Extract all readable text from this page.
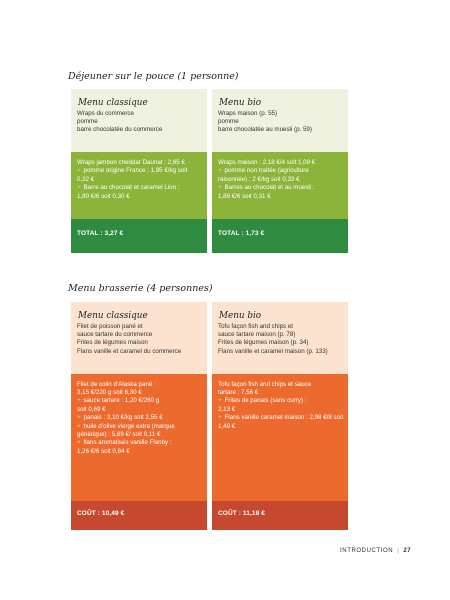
Déjeuner sur le pouce (1 personne)
Menu classique
Wraps du commerce
pomme
barre chocolatée du commerce
Wraps jambon cheddar Daunat : 2,65 €
+ pomme origine France : 1,95 €/kg soit
0,32 €
+ Barre au chocolat et caramel Lion :
1,80 €/6 soit 0,30 €
TOTAL : 3,27 €
Menu bio
Wraps maison (p. 55)
pomme
barre chocolatée au muesli (p. 59)
Wraps maison : 2,18 €/4 soit 1,09 €
+ pomme non traitée (agriculture
raisonnée) : 2 €/kg soit 0,33 €
+ Barres au chocolat et au muesli :
1,89 €/6 soit 0,31 €
TOTAL : 1,73 €
Menu brasserie (4 personnes)
Menu classique
Filet de poisson pané et
sauce tartare du commerce
Frites de légumes maison
Flans vanille et caramel du commerce
Filet de colin d’Alaska pané :
3,15 €/220 g soit 6,30 €
+ sauce tartare : 1,20 €/260 g
soit 0,69 €
+ panais : 3,10 €/kg soit 2,55 €
+ huile d’olive vierge extra (marque
générique) : 5,89 €/ soit 0,11 €
+ flans aromatisés vanille Flanby :
1,26 €/6 soit 0,84 €
COÛT : 10,49 €
Menu bio
Tofu façon fish and chips et
sauce tartare maison (p. 78)
Frites de légumes maison (p. 34)
Flans vanille et caramel maison (p. 133)
Tofu façon fish and chips et sauce
tartare : 7,56 €
+ Frites de panais (sans curry) :
2,13 €
+ Flans vanille caramel maison : 2,98 €/8 soit
1,49 €
COÛT : 11,18 €
INTRODUCTION | 27
